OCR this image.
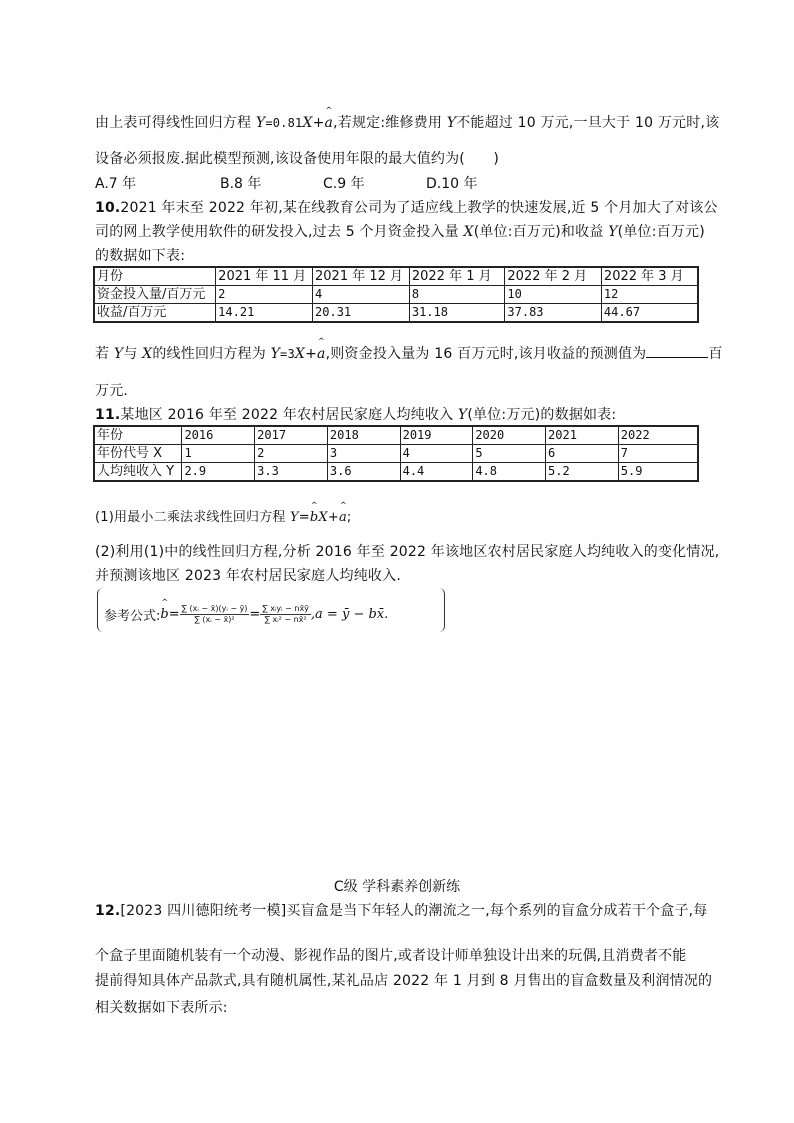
由上表可得线性回归方程 Y=0.81X+^ a,若规定:维修费用 Y不能超过 10 万元,一旦大于 10 万元时,该
设备必须报废.据此模型预测,该设备使用年限的最大值约为(　　)
A.7 年	B.8 年	C.9 年	D.10 年
10.2021 年末至 2022 年初,某在线教育公司为了适应线上教学的快速发展,近 5 个月加大了对该公
司的网上教学使用软件的研发投入,过去 5 个月资金投入量 X(单位:百万元)和收益 Y(单位:百万元)
的数据如下表:
月份	2021 年 11 月	2021 年 12 月	2022 年 1 月	2022 年 2 月	2022 年 3 月
资金投入量/百万元	2	4	8	10	12
收益/百万元	14.21	20.31	31.18	37.83	44.67
若 Y与 X的线性回归方程为 Y=3X+^ a,则资金投入量为 16 百万元时,该月收益的预测值为	百
万元.
11.某地区 2016 年至 2022 年农村居民家庭人均纯收入 Y(单位:万元)的数据如表:
年份	2016	2017	2018	2019	2020	2021	2022
年份代号 X	1	2	3	4	5	6	7
人均纯收入 Y	2.9	3.3	3.6	4.4	4.8	5.2	5.9
(1)用最小二乘法求线性回归方程 Y=^ bX+^ a;
(2)利用(1)中的线性回归方程,分析 2016 年至 2022 年该地区农村居民家庭人均纯收入的变化情况,
并预测该地区 2023 年农村居民家庭人均纯收入.
参考公式:^ $b= \frac{\text{∑ (xᵢ − x̄)(yᵢ − ȳ)}}{\text{∑ (xᵢ − x̄)²}} = \frac{\text{∑ xᵢyᵢ − nx̄ȳ}}{\text{∑ xᵢ² − nx̄²}} ,a$ = ȳ − bx̄.
C级 学科素养创新练
12.[2023 四川德阳统考一模]买盲盒是当下年轻人的潮流之一,每个系列的盲盒分成若干个盒子,每
个盒子里面随机装有一个动漫、影视作品的图片,或者设计师单独设计出来的玩偶,且消费者不能
提前得知具体产品款式,具有随机属性,某礼品店 2022 年 1 月到 8 月售出的盲盒数量及利润情况的
相关数据如下表所示:
